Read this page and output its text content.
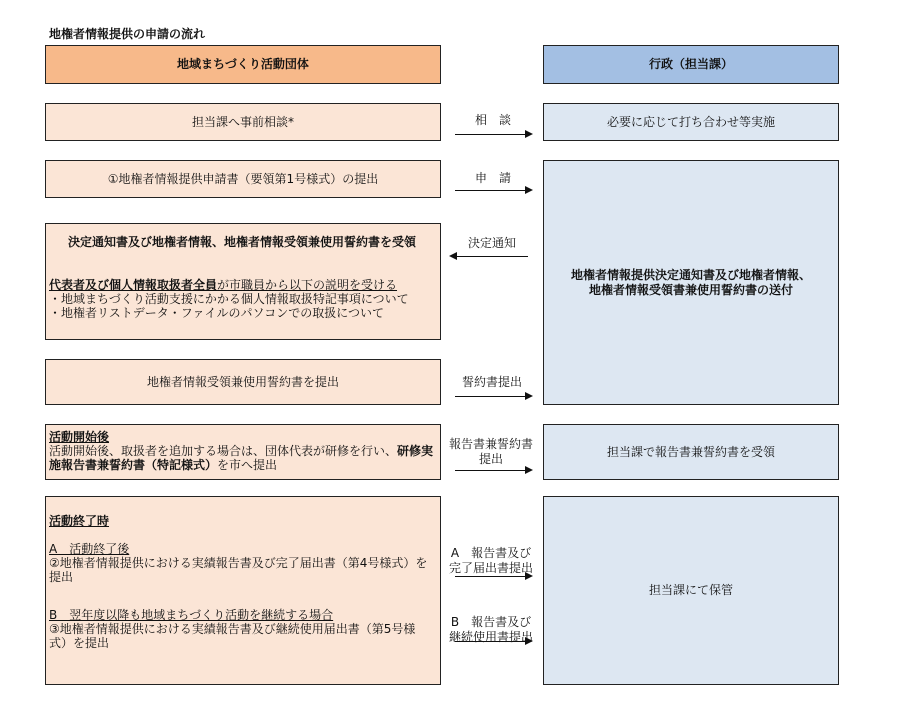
地権者情報提供の申請の流れ
地域まちづくり活動団体	行政（担当課）
担当課へ事前相談*	相　談	必要に応じて打ち合わせ等実施
①地権者情報提供申請書（要領第1号様式）の提出	申　請
地権者情報提供決定通知書及び地権者情報、
地権者情報受領書兼使用誓約書の送付
決定通知書及び地権者情報、地権者情報受領兼使用誓約書を受領
代表者及び個人情報取扱者全員が市職員から以下の説明を受ける
・地域まちづくり活動支援にかかる個人情報取扱特記事項について
・地権者リストデータ・ファイルのパソコンでの取扱について
決定通知
地権者情報受領兼使用誓約書を提出	誓約書提出
活動開始後
活動開始後、取扱者を追加する場合は、団体代表が研修を行い、研修実
施報告書兼誓約書（特記様式）を市へ提出
報告書兼誓約書
提出
担当課で報告書兼誓約書を受領
活動終了時
A　活動終了後
②地権者情報提供における実績報告書及び完了届出書（第4号様式）を
提出
B　翌年度以降も地域まちづくり活動を継続する場合
③地権者情報提供における実績報告書及び継続使用届出書（第5号様
式）を提出
A　報告書及び
完了届出書提出
B　報告書及び
継続使用書提出
担当課にて保管
